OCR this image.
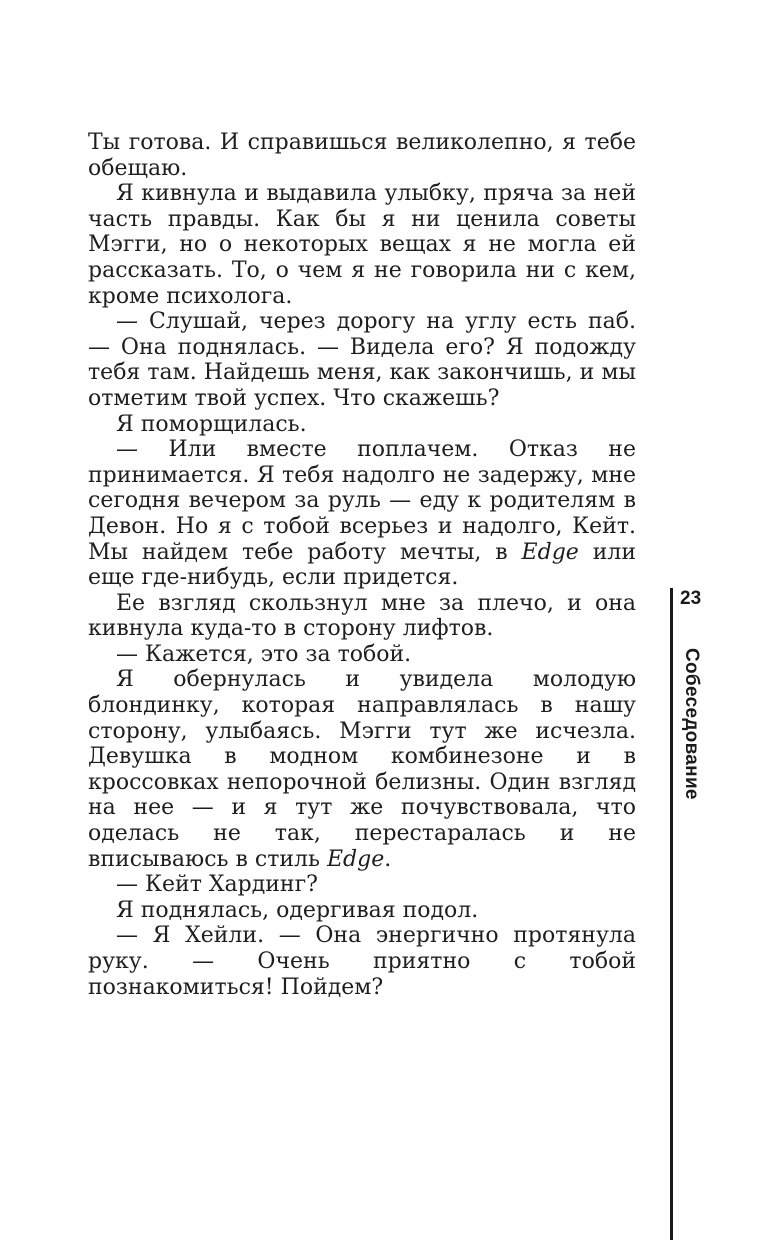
Ты готова. И справишься великолепно, я тебе обещаю.

Я кивнула и выдавила улыбку, пряча за ней часть правды. Как бы я ни ценила советы Мэгги, но о некоторых вещах я не могла ей рассказать. То, о чем я не говорила ни с кем, кроме психолога.

— Слушай, через дорогу на углу есть паб. — Она поднялась. — Видела его? Я подожду тебя там. Найдешь меня, как закончишь, и мы отметим твой успех. Что скажешь?

Я поморщилась.

— Или вместе поплачем. Отказ не принимается. Я тебя надолго не задержу, мне сегодня вечером за руль — еду к родителям в Девон. Но я с тобой всерьез и надолго, Кейт. Мы найдем тебе работу мечты, в Edge или еще где-нибудь, если придется.

Ее взгляд скользнул мне за плечо, и она кивнула куда-то в сторону лифтов.

— Кажется, это за тобой.

Я обернулась и увидела молодую блондинку, которая направлялась в нашу сторону, улыбаясь. Мэгги тут же исчезла. Девушка в модном комбинезоне и в кроссовках непорочной белизны. Один взгляд на нее — и я тут же почувствовала, что оделась не так, перестаралась и не вписываюсь в стиль Edge.

— Кейт Хардинг?

Я поднялась, одергивая подол.

— Я Хейли. — Она энергично протянула руку. — Очень приятно с тобой познакомиться! Пойдем?

23
Собеседование
